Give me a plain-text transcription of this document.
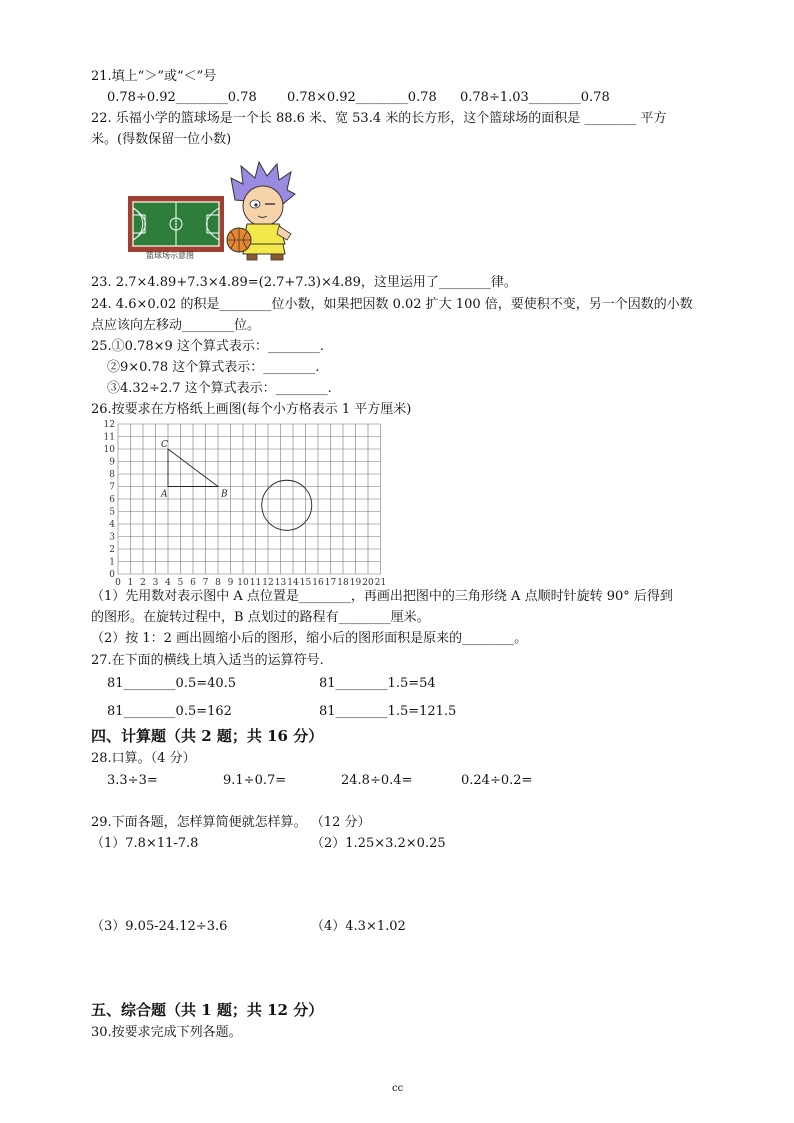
21.填上“＞”或“＜”号
0.78÷0.92________0.78 0.78×0.92________0.78 0.78÷1.03________0.78
22. 乐福小学的篮球场是一个长 88.6 米、宽 53.4 米的长方形，这个篮球场的面积是 ________ 平方
米。(得数保留一位小数)
篮球场示意图
23. 2.7×4.89+7.3×4.89=(2.7+7.3)×4.89，这里运用了________律。
24. 4.6×0.02 的积是________位小数，如果把因数 0.02 扩大 100 倍，要使积不变，另一个因数的小数
点应该向左移动________位。
25.①0.78×9 这个算式表示：________.
②9×0.78 这个算式表示：________.
③4.32÷2.7 这个算式表示：________.
26.按要求在方格纸上画图(每个小方格表示 1 平方厘米)
0 1 2 3 4 5 6 7 8 9 10 11 12 13 14 15 16 17 18 19 20 21
0
1
2
3
4
5
6
7
8
9
10
11
12
A	B
C
（1）先用数对表示图中 A 点位置是________，再画出把图中的三角形绕 A 点顺时针旋转 90° 后得到
的图形。在旋转过程中，B 点划过的路程有________厘米。
（2）按 1：2 画出圆缩小后的图形，缩小后的图形面积是原来的________。
27.在下面的横线上填入适当的运算符号.
81________0.5=40.5	81________1.5=54
81________0.5=162	81________1.5=121.5
四、计算题（共 2 题；共 16 分）
28.口算。（4 分）
3.3÷3=	9.1÷0.7=	24.8÷0.4=	0.24÷0.2=
29.下面各题，怎样算简便就怎样算。 （12 分）
（1）7.8×11-7.8	（2）1.25×3.2×0.25
（3）9.05-24.12÷3.6	（4）4.3×1.02
五、综合题（共 1 题；共 12 分）
30.按要求完成下列各题。
cc
